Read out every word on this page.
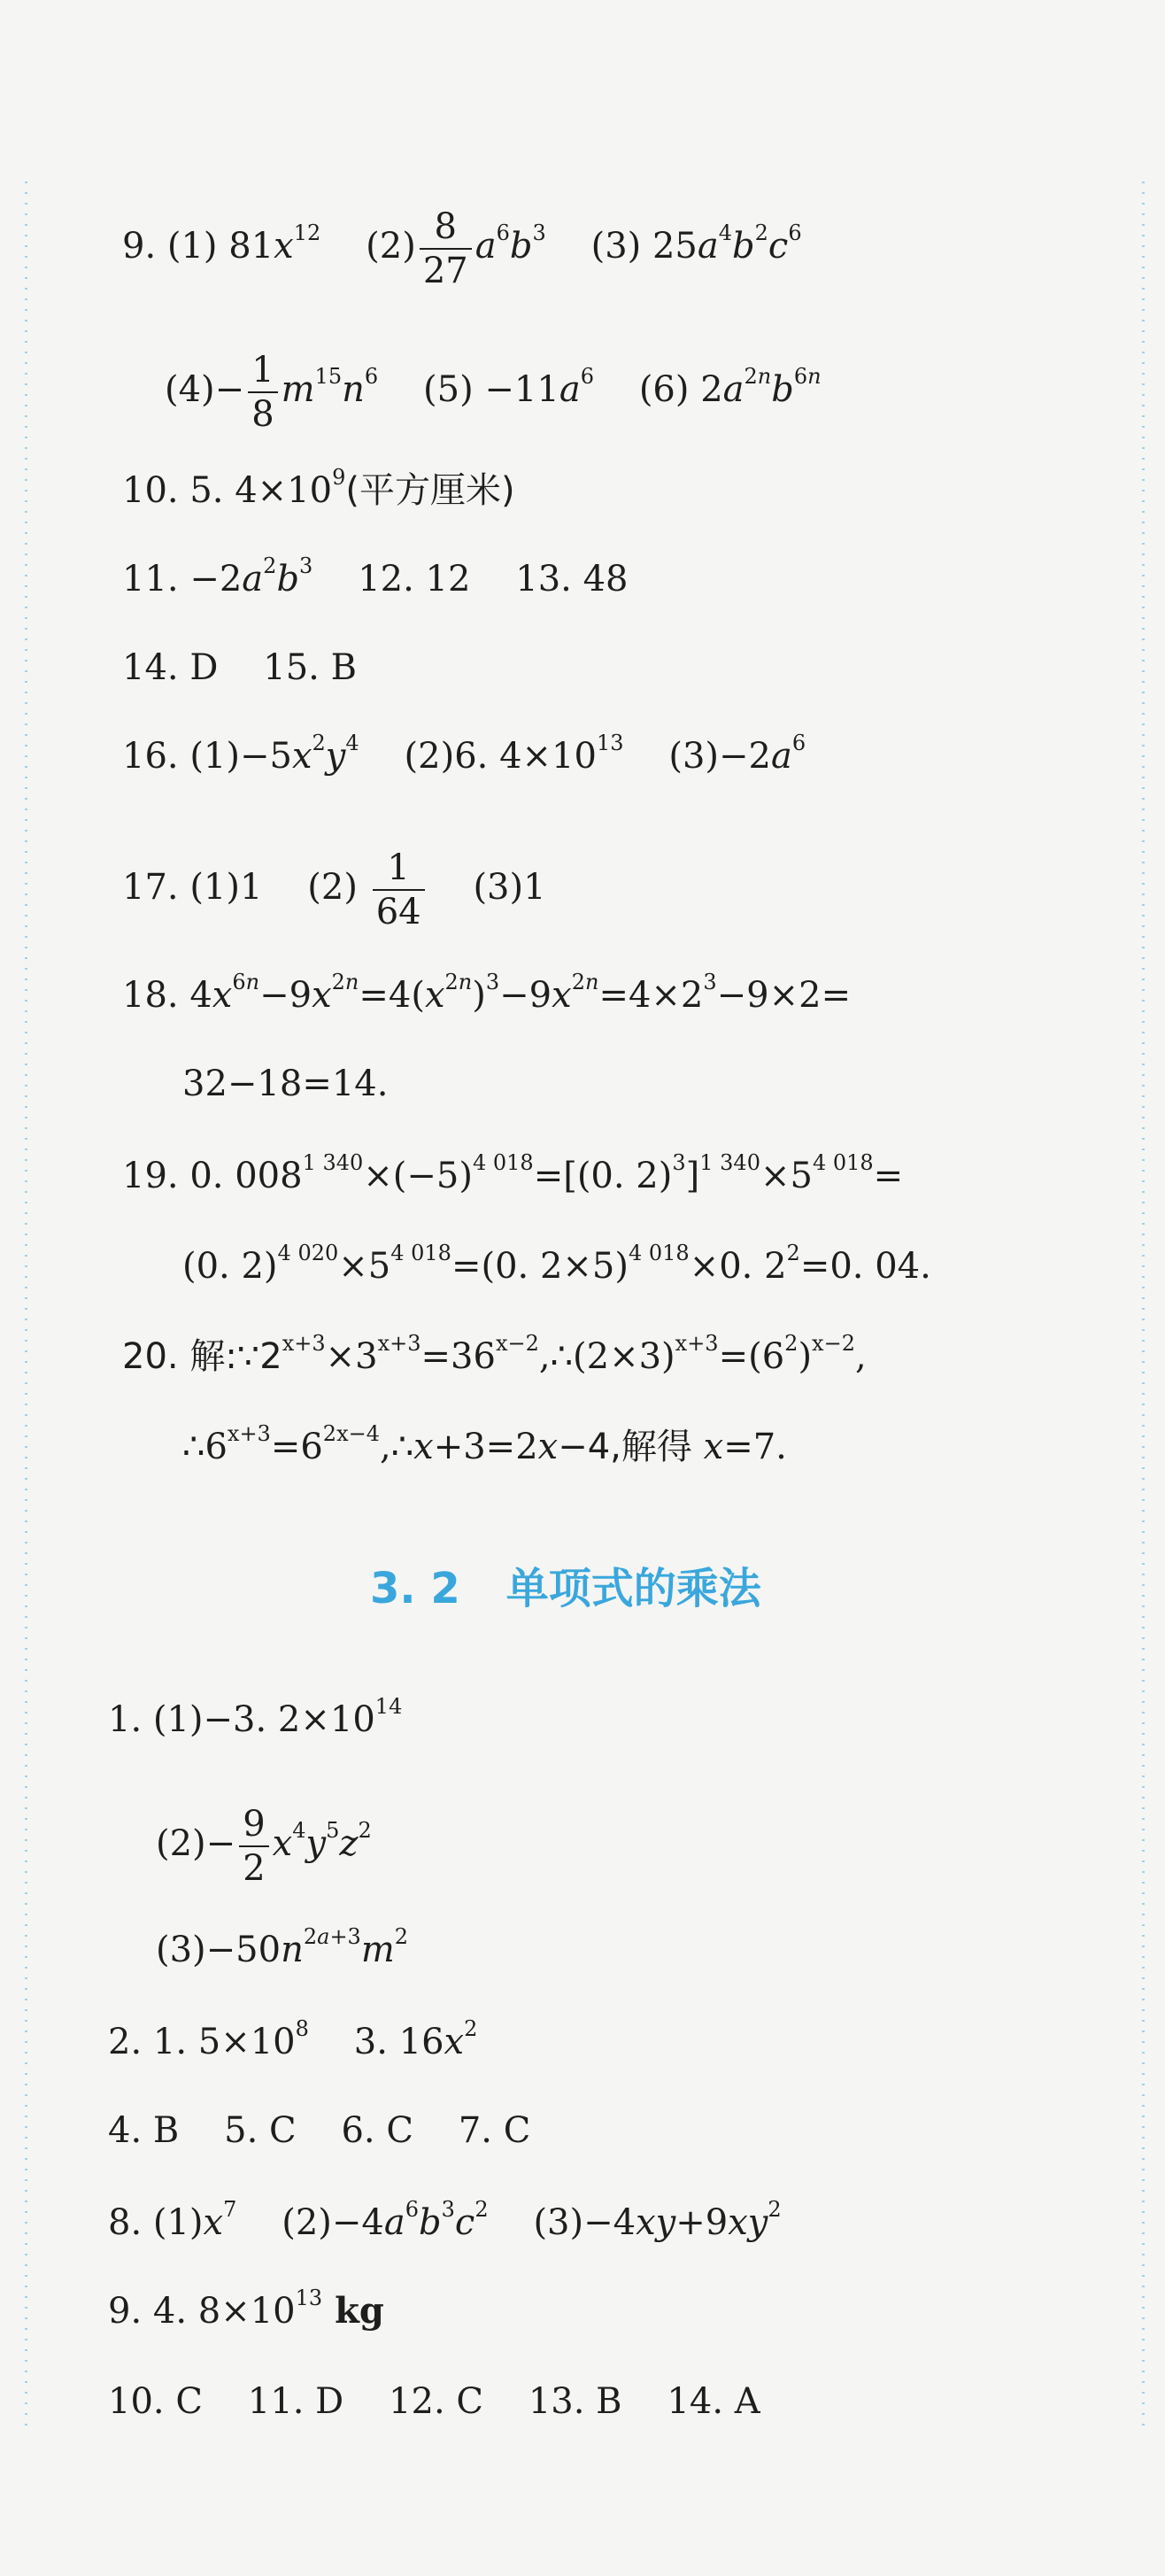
9. (1) $81x^{12}$ $(2) \frac{8}{27} a^6b^3$ (3) $25a^4b^2c^6$
$(4)- \frac{1}{8} m^{15}n^6$ $(5) -11a^6$ (6) $2a^{2n}b^{6n}$
10. 5. $4\times 10^9$(平方厘米)
11. $-2a^2b^3$ 12. 12 13. 48
14. D    15. B
16. $(1)-5x^2y^4$ (2)6. $4\times 10^{13}$ $(3)-2a^6$
17. (1)1 $(2) \frac{1}{64} (3)1$
18. $4x^{6n}-9x^{2n}=4(x^{2n})^3-9x^{2n}=4\times 2^3-9\times 2=$
32−18=14.
19. 0. $008^{1 340}\times(-5)^{4 018}=[(0$. $2)^3]^{1 340}\times 5^{4 018}=$
(0. $2)^{4 020}\times 5^{4 018}=(0$. 2×5)$^{4 018}$×0. $2^2=0$. 04.
20. 解$:\because 2^{x+3}\times 3^{x+3}=36^{x-2},\therefore(2\times 3)^{x+3}=(6^2)^{x-2}$,
$\therefore 6^{x+3}=6^{2x-4},\therefore x+3=2x-4$,解得 x=7.
3. 2 单项式的乘法
1. (1)−3. $2\times 10^{14}$
$(2)- \frac{9}{2} x^4y^5z^2$
$(3)-50n^{2a+3}m^2$
2. 1. $5\times 10^8$ 3. $16x^2$
4. B    5. C    6. C    7. C
8. $(1)x^7$ $(2)-4a^6b^3c^2$ $(3)-4xy+9xy^2$
9. 4. $8\times 10^{13}$ kg
10. C    11. D    12. C    13. B    14. A
